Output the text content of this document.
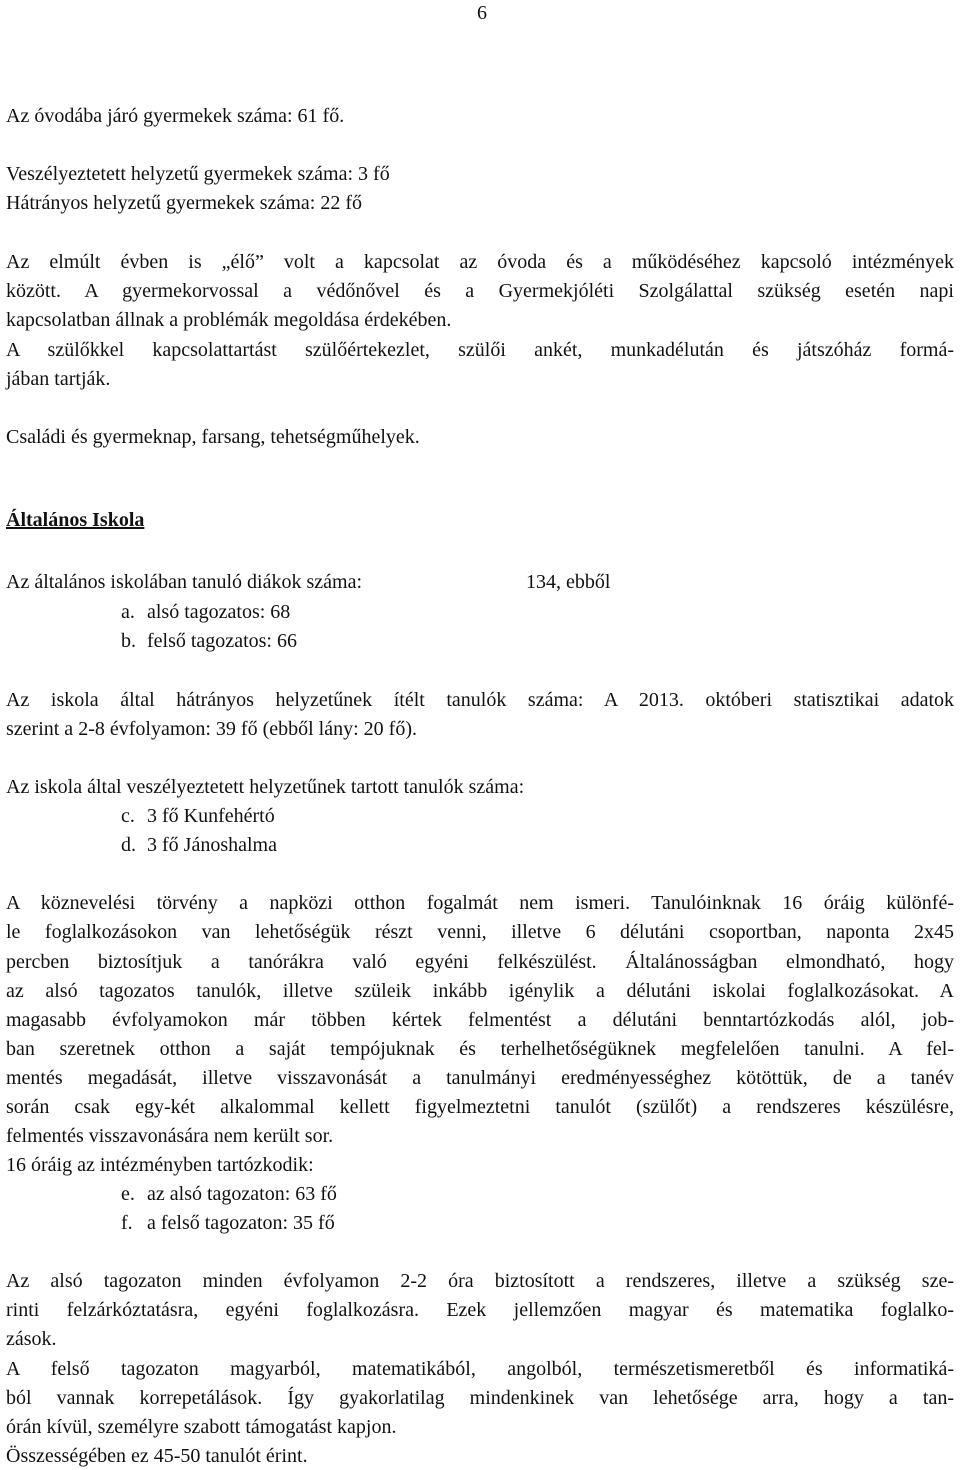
6
Az óvodába járó gyermekek száma: 61 fő.
Veszélyeztetett helyzetű gyermekek száma: 3 fő
Hátrányos helyzetű gyermekek száma: 22 fő
Az elmúlt évben is „élő” volt a kapcsolat az óvoda és a működéséhez kapcsoló intézmények
között. A gyermekorvossal a védőnővel és a Gyermekjóléti Szolgálattal szükség esetén napi
kapcsolatban állnak a problémák megoldása érdekében.
A szülőkkel kapcsolattartást szülőértekezlet, szülői ankét, munkadélután és játszóház formá-
jában tartják.
Családi és gyermeknap, farsang, tehetségműhelyek.
Általános Iskola
Az általános iskolában tanuló diákok száma:	134, ebből
a. alsó tagozatos: 68
b. felső tagozatos: 66
Az iskola által hátrányos helyzetűnek ítélt tanulók száma: A 2013. októberi statisztikai adatok
szerint a 2-8 évfolyamon: 39 fő (ebből lány: 20 fő).
Az iskola által veszélyeztetett helyzetűnek tartott tanulók száma:
c. 3 fő Kunfehértó
d. 3 fő Jánoshalma
A köznevelési törvény a napközi otthon fogalmát nem ismeri. Tanulóinknak 16 óráig különfé-
le foglalkozásokon van lehetőségük részt venni, illetve 6 délutáni csoportban, naponta 2x45
percben biztosítjuk a tanórákra való egyéni felkészülést. Általánosságban elmondható, hogy
az alsó tagozatos tanulók, illetve szüleik inkább igénylik a délutáni iskolai foglalkozásokat. A
magasabb évfolyamokon már többen kértek felmentést a délutáni benntartózkodás alól, job-
ban szeretnek otthon a saját tempójuknak és terhelhetőségüknek megfelelően tanulni. A fel-
mentés megadását, illetve visszavonását a tanulmányi eredményességhez kötöttük, de a tanév
során csak egy-két alkalommal kellett figyelmeztetni tanulót (szülőt) a rendszeres készülésre,
felmentés visszavonására nem került sor.
16 óráig az intézményben tartózkodik:
e. az alsó tagozaton: 63 fő
f. a felső tagozaton: 35 fő
Az alsó tagozaton minden évfolyamon 2-2 óra biztosított a rendszeres, illetve a szükség sze-
rinti felzárkóztatásra, egyéni foglalkozásra. Ezek jellemzően magyar és matematika foglalko-
zások.
A felső tagozaton magyarból, matematikából, angolból, természetismeretből és informatiká-
ból vannak korrepetálások. Így gyakorlatilag mindenkinek van lehetősége arra, hogy a tan-
órán kívül, személyre szabott támogatást kapjon.
Összességében ez 45-50 tanulót érint.
